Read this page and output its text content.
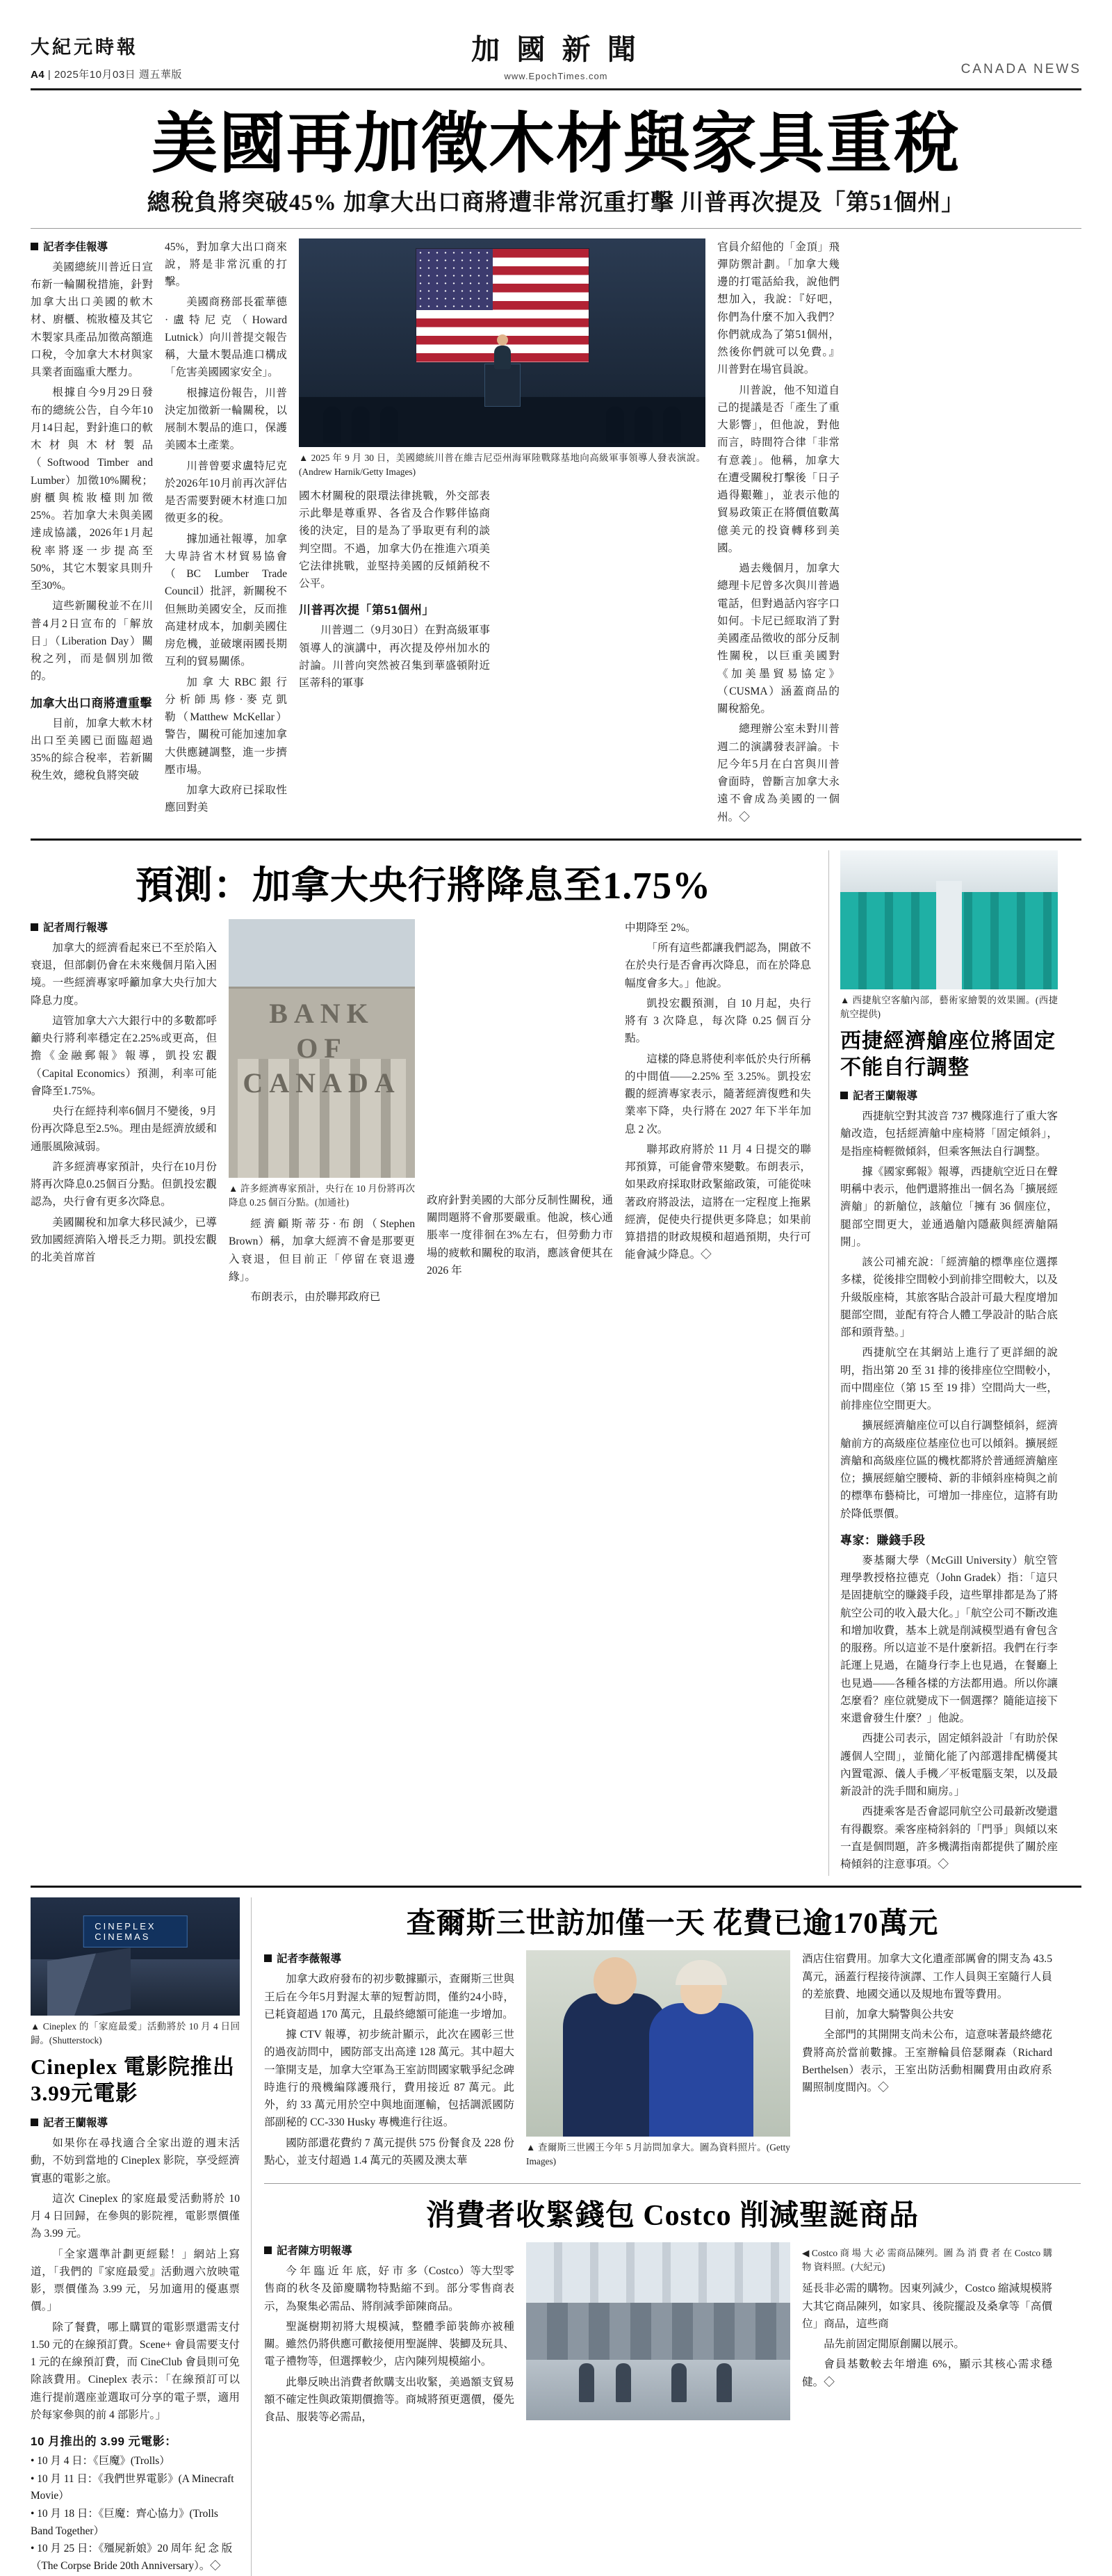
大紀元時報
A4 | 2025年10月03日 週五華版
加 國 新 聞
www.EpochTimes.com	CANADA NEWS
美國再加徵木材與家具重稅
總稅負將突破45% 加拿大出口商將遭非常沉重打擊 川普再次提及「第51個州」
記者李佳報導

美國總統川普近日宣布新一輪關稅措施，針對加拿大出口美國的軟木材、廚櫃、梳妝檯及其它木製家具產品加徵高額進口稅，令加拿大木材與家具業者面臨重大壓力。

根據自今9月29日發布的總統公告，自今年10月14日起，對針進口的軟木材與木材製品（Softwood Timber and Lumber）加徵10%關稅；廚櫃與梳妝檯則加徵25%。若加拿大未與美國達成協議，2026年1月起稅率將逐一步提高至50%，其它木製家具則升至30%。

這些新關稅並不在川普4月2日宣布的「解放日」（Liberation Day）關稅之列，而是個別加徵的。

加拿大出口商將遭重擊

目前，加拿大軟木材出口至美國已面臨超過35%的綜合稅率，若新關稅生效，總稅負將突破

45%，對加拿大出口商來說，將是非常沉重的打擊。

美國商務部長霍華德·盧特尼克（Howard Lutnick）向川普提交報告稱，大量木製品進口構成「危害美國國家安全」。

根據這份報告，川普決定加徵新一輪關稅，以展制木製品的進口，保護美國本土產業。

川普曾要求盧特尼克於2026年10月前再次評估是否需要對硬木材進口加徵更多的稅。

據加通社報導，加拿大卑詩省木材貿易協會（BC Lumber Trade Council）批評，新關稅不但無助美國安全，反而推高建材成本，加劇美國住房危機，並破壞兩國長期互利的貿易關係。

加 拿 大 RBC 銀 行 分 析 師 馬 修 · 麥 克 凱 勒（Matthew McKellar）警告，關稅可能加速加拿大供應鏈調整，進一步擠壓市場。

加拿大政府已採取性應回對美

▲ 2025 年 9 月 30 日，美國總統川普在維吉尼亞州海軍陸戰隊基地向高級軍事領導人發表演說。(Andrew Harnik/Getty Images)

國木材關稅的限環法律挑戰，外交部表示此舉是尊重界、各省及合作夥伴協商後的決定，目的是為了爭取更有利的談判空間。不過，加拿大仍在推進六項美它法律挑戰，並堅持美國的反傾銷稅不公平。

川普再次提「第51個州」

川普週二（9月30日）在對高級軍事領導人的演講中，再次提及停州加水的討論。川普向突然被召集到華盛頓附近匡蒂科的軍事

官員介紹他的「金頂」飛彈防禦計劃。「加拿大幾邊的打電話給我，說他們想加入，我說：『好吧，你們為什麼不加入我們？你們就成為了第51個州，然後你們就可以免費。』川普對在場官員說。

川普說，他不知道自己的提議是否「產生了重大影響」，但他說，對他而言，時間符合律「非常有意義」。他稱，加拿大在遭受關稅打擊後「日子過得艱難」，並表示他的貿易政策正在將價值數萬億美元的投資轉移到美國。

過去幾個月，加拿大總理卡尼曾多次與川普過電話，但對過話內容字口如何。卡尼已經取消了對美國產品徵收的部分反制性關稅，以巨重美國對《加美墨貿易協定》（CUSMA）涵蓋商品的關稅豁免。

總理辦公室未對川普週二的演講發表評論。卡尼今年5月在白宮與川普會面時，曾斷言加拿大永遠不會成為美國的一個州。◇

預測：加拿大央行將降息至1.75%
記者周行報導

加拿大的經濟看起來已不至於陷入衰退，但部劇仍會在未來幾個月陷入困境。一些經濟專家呼籲加拿大央行加大降息力度。

這管加拿大六大銀行中的多數都呼籲央行將利率穩定在2.25%或更高，但擔《金融郵報》報導，凱投宏觀（Capital Economics）預測，利率可能會降至1.75%。

央行在經持利率6個月不變後，9月份再次降息至2.5%。理由是經濟放緩和通脹風險減弱。

許多經濟專家預計，央行在10月份將再次降息0.25個百分點。但凱投宏觀認為，央行會有更多次降息。

美國關稅和加拿大移民減少，已導致加國經濟陷入增長乏力期。凱投宏觀的北美首席首

BANK
OF
CANADA
▲ 許多經濟專家預計，央行在 10 月份將再次降息 0.25 個百分點。(加通社)

經濟顧斯蒂芬·布朗（Stephen Brown）稱，加拿大經濟不會是那要更入衰退，但目前正「停留在衰退邊緣」。

布朗表示，由於聯邦政府已

政府針對美國的大部分反制性關稅，通關問題將不會那要嚴重。他說，核心通脹率一度徘徊在3%左右，但勞動力市場的疲軟和關稅的取消，應該會便其在 2026 年

中期降至 2%。

「所有這些都讓我們認為，開啟不在於央行是否會再次降息，而在於降息幅度會多大。」他說。

凱投宏觀預測，自 10 月起，央行將有 3 次降息，每次降 0.25 個百分點。

這樣的降息將使利率低於央行所稱的中間值——2.25% 至 3.25%。凱投宏觀的經濟專家表示，隨著經濟復甦和失業率下降，央行將在 2027 年下半年加息 2 次。

聯邦政府將於 11 月 4 日提交的聯邦預算，可能會帶來變數。布朗表示，如果政府採取財政緊縮政策，可能從味著政府將設法，這將在一定程度上拖累經濟，促使央行提供更多降息；如果前算措措的財政規模和超過預期，央行可能會減少降息。◇

▲ 西捷航空客艙內部，藝術家繪製的效果圖。(西捷航空提供)
西捷經濟艙座位將固定 不能自行調整
記者王蘭報導

西捷航空對其波音 737 機隊進行了重大客艙改造，包括經濟艙中座椅將「固定傾斜」，是指座椅輕微傾斜，但乘客無法自行調整。

據《國家郵報》報導，西捷航空近日在聲明稱中表示，他們還將推出一個名為「擴展經濟艙」的新艙位，該艙位「擁有 36 個座位，腿部空間更大，並通過艙內隱蔽與經濟艙隔開」。

該公司補充說：「經濟艙的標準座位選擇多樣，從後排空間較小到前排空間較大，以及升級版座椅，其旅客貼合設計可最大程度增加腿部空間，並配有符合人體工學設計的貼合底部和頭背墊。」

西捷航空在其網站上進行了更詳細的說明，指出第 20 至 31 排的後排座位空間較小，而中間座位（第 15 至 19 排）空間尚大一些，前排座位空間更大。

擴展經濟艙座位可以自行調整傾斜，經濟艙前方的高級座位基座位也可以傾斜。擴展經濟艙和高級座位區的機枕都將於普通經濟艙座位；擴展經艙空腰椅、新的非傾斜座椅與之前的標準布藝椅比，可增加一排座位，這將有助於降低票價。

專家：賺錢手段

麥基爾大學（McGill University）航空管理學教授格拉德克（John Gradek）指：「這只是固捷航空的賺錢手段，這些單排都是為了將航空公司的收入最大化。」「航空公司不斷改進和增加收費，基本上就是削減模型過有會包含的服務。所以這並不是什麼新招。我們在行李託運上見過，在隨身行李上也見過，在餐廳上也見過——各種各樣的方法都用過。所以你讓怎麼看？座位就變成下一個選擇？隨能這接下來還會發生什麼？」他說。

西捷公司表示，固定傾斜設計「有助於保護個人空間」，並簡化能了內部選排配構優其內置電源、儀人手機／平板電腦支架，以及最新設計的洗手間和廁房。」

西捷乘客是否會認同航空公司最新改變還有得觀察。乘客座椅斜斜的「門爭」與傾以來一直是個問題，許多機溝指南都提供了關於座椅傾斜的注意事項。◇

CINEPLEX CINEMAS
▲ Cineplex 的「家庭最愛」活動將於 10 月 4 日回歸。(Shutterstock)
Cineplex 電影院推出3.99元電影
記者王蘭報導

如果你在尋找適合全家出遊的週末活動，不妨到當地的 Cineplex 影院，享受經濟實惠的電影之旅。

這次 Cineplex 的家庭最愛活動將於 10 月 4 日回歸，在參與的影院裡，電影票價僅為 3.99 元。

「全家選準計劃更經鬆！」網站上寫道，「我們的『家庭最愛』活動週六放映電影，票價僅為 3.99 元，另加適用的優惠票價。」

除了餐費，哪上購買的電影票還需支付 1.50 元的在線預訂費。Scene+ 會員需要支付 1 元的在線預訂費，而 CineClub 會員則可免除該費用。Cineplex 表示：「在線預訂可以進行提前選座並選取可分享的電子票，適用於每家參與的前 4 部影片。」

10 月推出的 3.99 元電影：
• 10 月 4 日：《巨魔》(Trolls）
• 10 月 11 日：《我們世界電影》(A Minecraft Movie）
• 10 月 18 日：《巨魔：齊心協力》(Trolls Band Together）
• 10 月 25 日：《殭屍新娘》20 周年 紀 念 版（The Corpse Bride 20th Anniversary）。◇
查爾斯三世訪加僅一天 花費已逾170萬元
記者李薇報導

加拿大政府發布的初步數據顯示，查爾斯三世與王后在今年5月對渥太華的短暫訪問，僅約24小時，已耗資超過 170 萬元，且最終總額可能進一步增加。

據 CTV 報導，初步統計顯示，此次在國彰三世的過夜訪問中，國防部支出高達 128 萬元。其中超大一筆開支是，加拿大空軍為王室訪問國家戰爭紀念碑時進行的飛機編隊護飛行，費用接近 87 萬元。此外，約 33 萬元用於空中與地面運輸，包括調派國防部副秘的 CC-330 Husky 專機進行往返。

國防部還花費約 7 萬元提供 575 份餐食及 228 份點心，並支付超過 1.4 萬元的英國及澳太華

▲ 查爾斯三世國王今年 5 月訪問加拿大。圖為資料照片。(Getty Images)

酒店住宿費用。加拿大文化遺產部厲會的開支為 43.5 萬元，涵蓋行程接待演譯、工作人員與王室隨行人員的差旅費、地國交通以及規地布置等費用。

目前，加拿大騎警與公共安

全部門的其開開支尚未公布，這意味著最終總花費將高於當前數據。王室辦輪員倍瑟爾森（Richard Berthelsen）表示，王室出防活動相關費用由政府系關照制度間內。◇

消費者收緊錢包 Costco 削減聖誕商品
記者陳方明報導

今 年 臨 近 年 底，好 市 多（Costco）等大型零售商的秋冬及節慶購物特點縮不到。部分零售商表示，為聚集必需品、將削減季節陳商品。

聖誕樹期初將大規模減，整體季節裝飾亦被種關。雖然仍將供應可歡接便用聖誕牌、裝鯽及玩具、電子禮物等，但選擇較少，店內陳列規模縮小。

此舉反映出消費者飲購支出收緊，美過額支貿易額不確定性與政策期價擔等。商城將預更選價，優先食品、服裝等必需品，

◀ Costco 商 場 大 必 需商品陳列。圖 為 消 費 者 在 Costco 購 物 資料照。(大紀元)

延長非必需的購物。因東列減少，Costco 縮減規模將大其它商品陳列，如家具、後院擺設及桑拿等「高價位」商品，這些商

品先前固定閒原創關以展示。

會員基數較去年增進 6%，顯示其核心需求穩健。◇
